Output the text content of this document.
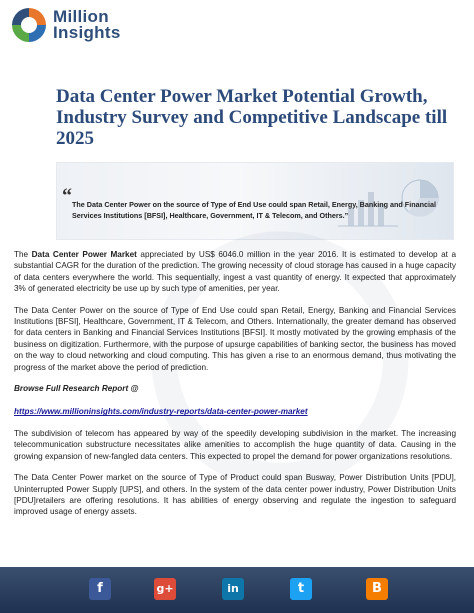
Million
Insights
Data Center Power Market Potential Growth, Industry Survey and Competitive Landscape till 2025
“ The Data Center Power on the source of Type of End Use could span Retail, Energy, Banking and Financial Services Institutions [BFSI], Healthcare, Government, IT & Telecom, and Others.”

The Data Center Power Market appreciated by US$ 6046.0 million in the year 2016. It is estimated to develop at a substantial CAGR for the duration of the prediction. The growing necessity of cloud storage has caused in a huge capacity of data centers everywhere the world. This sequentially, ingest a vast quantity of energy. It expected that approximately 3% of generated electricity be use up by such type of amenities, per year.

The Data Center Power on the source of Type of End Use could span Retail, Energy, Banking and Financial Services Institutions [BFSI], Healthcare, Government, IT & Telecom, and Others. Internationally, the greater demand has observed for data centers in Banking and Financial Services Institutions [BFSI]. It mostly motivated by the growing emphasis of the business on digitization. Furthermore, with the purpose of upsurge capabilities of banking sector, the business has moved on the way to cloud networking and cloud computing. This has given a rise to an enormous demand, thus motivating the progress of the market above the period of prediction.

Browse Full Research Report @

https://www.millioninsights.com/industry-reports/data-center-power-market

The subdivision of telecom has appeared by way of the speedily developing subdivision in the market. The increasing telecommunication substructure necessitates alike amenities to accomplish the huge quantity of data. Causing in the growing expansion of new-fangled data centers. This expected to propel the demand for power organizations resolutions.

The Data Center Power market on the source of Type of Product could span Busway, Power Distribution Units [PDU], Uninterrupted Power Supply [UPS], and others. In the system of the data center power industry, Power Distribution Units [PDU]retailers are offering resolutions. It has abilities of energy observing and regulate the ingestion to safeguard improved usage of energy assets.

f	g+	in	t	B
